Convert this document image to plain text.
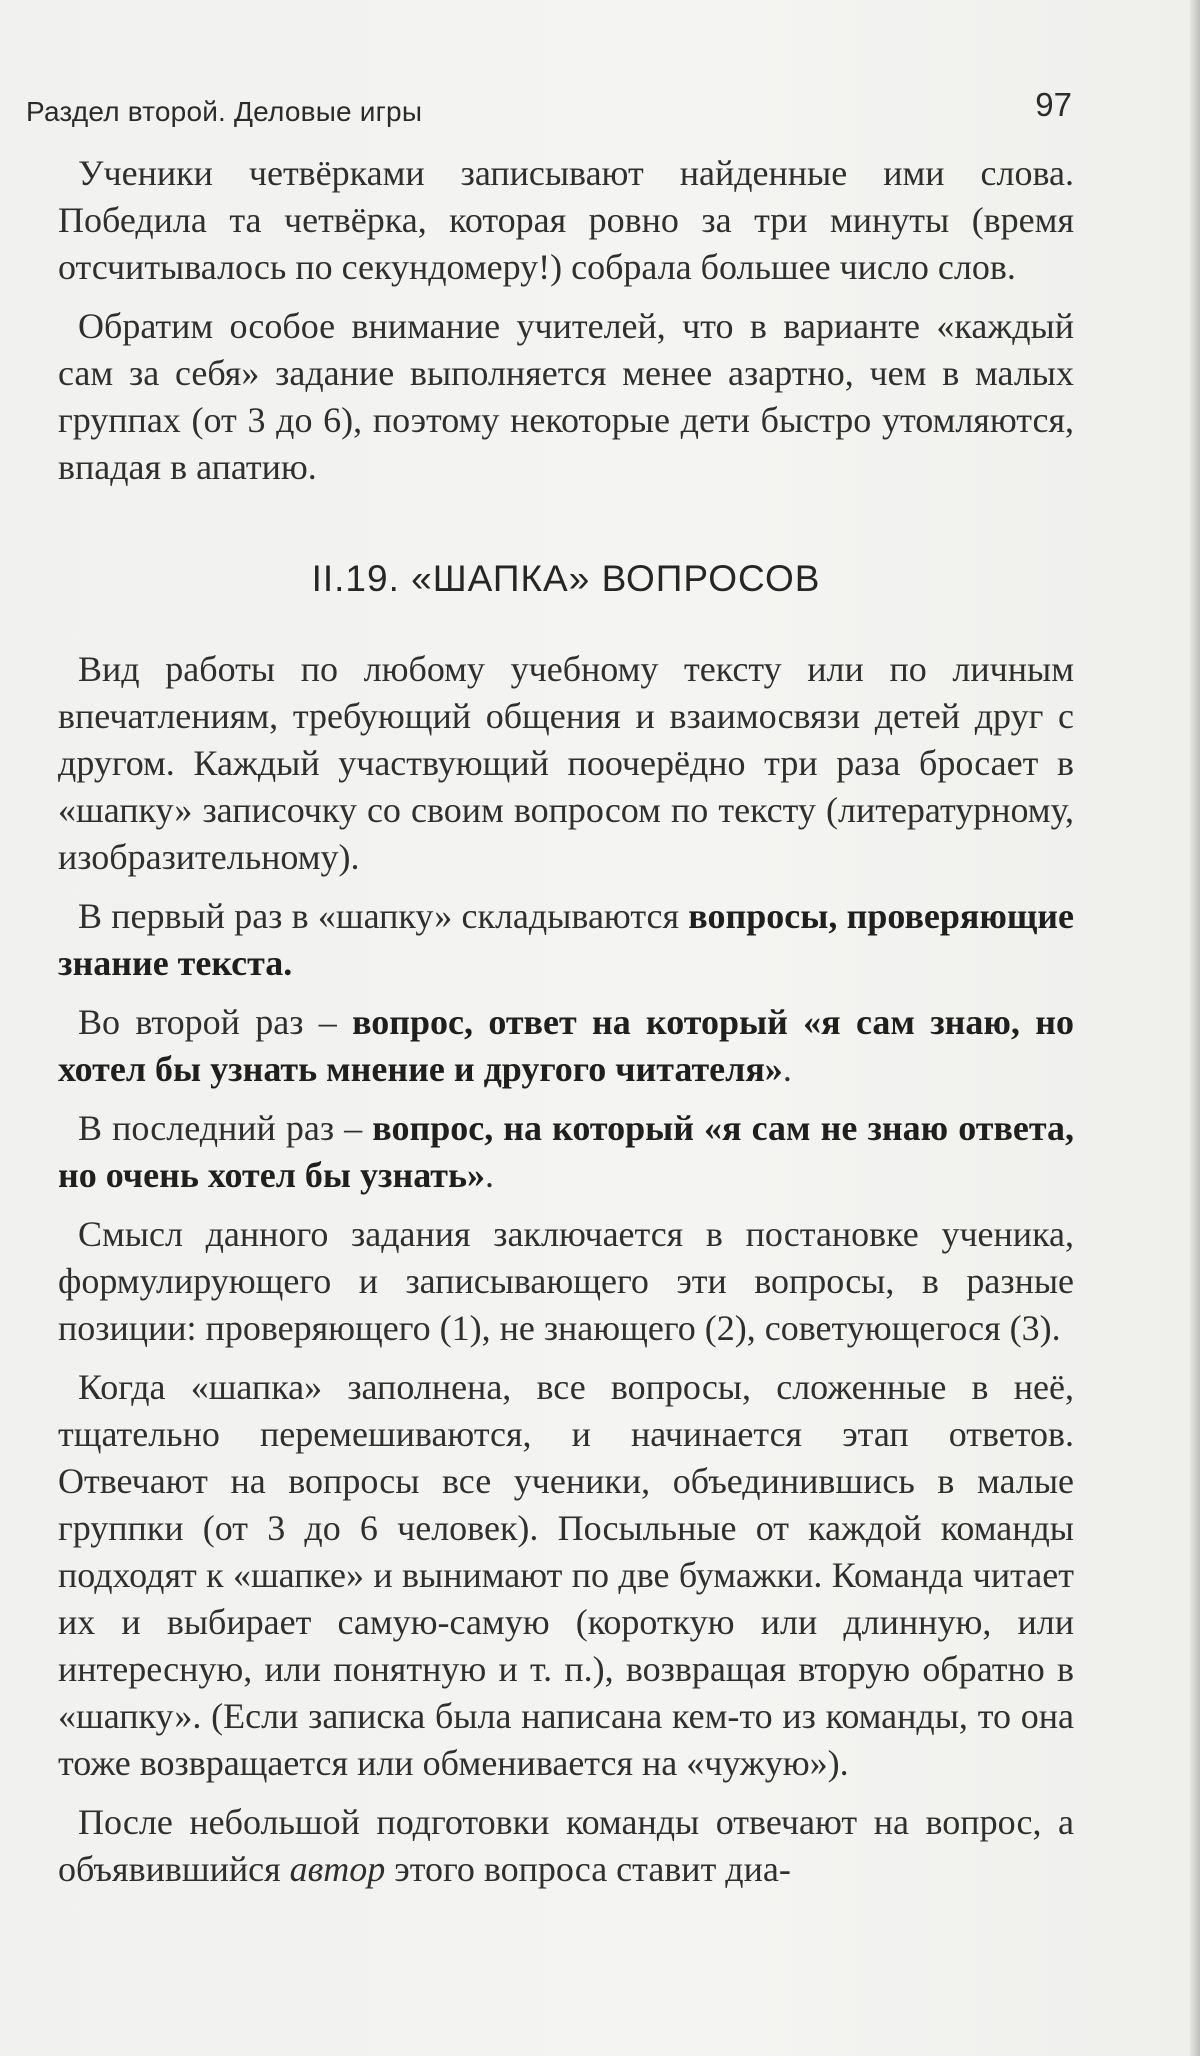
Раздел второй. Деловые игры	97

Ученики четвёрками записывают найденные ими слова. Победила та четвёрка, которая ровно за три минуты (время отсчитывалось по секундомеру!) собрала большее число слов.

Обратим особое внимание учителей, что в варианте «каждый сам за себя» задание выполняется менее азартно, чем в малых группах (от 3 до 6), поэтому некоторые дети быстро утомляются, впадая в апатию.

II.19. «ШАПКА» ВОПРОСОВ

Вид работы по любому учебному тексту или по личным впечатлениям, требующий общения и взаимосвязи детей друг с другом. Каждый участвующий поочерёдно три раза бросает в «шапку» записочку со своим вопросом по тексту (литературному, изобразительному).

В первый раз в «шапку» складываются вопросы, проверяющие знание текста.

Во второй раз – вопрос, ответ на который «я сам знаю, но хотел бы узнать мнение и другого читателя».

В последний раз – вопрос, на который «я сам не знаю ответа, но очень хотел бы узнать».

Смысл данного задания заключается в постановке ученика, формулирующего и записывающего эти вопросы, в разные позиции: проверяющего (1), не знающего (2), советующегося (3).

Когда «шапка» заполнена, все вопросы, сложенные в неё, тщательно перемешиваются, и начинается этап ответов. Отвечают на вопросы все ученики, объединившись в малые группки (от 3 до 6 человек). Посыльные от каждой команды подходят к «шапке» и вынимают по две бумажки. Команда читает их и выбирает самую-самую (короткую или длинную, или интересную, или понятную и т. п.), возвращая вторую обратно в «шапку». (Если записка была написана кем-то из команды, то она тоже возвращается или обменивается на «чужую»).

После небольшой подготовки команды отвечают на вопрос, а объявившийся автор этого вопроса ставит диа-
